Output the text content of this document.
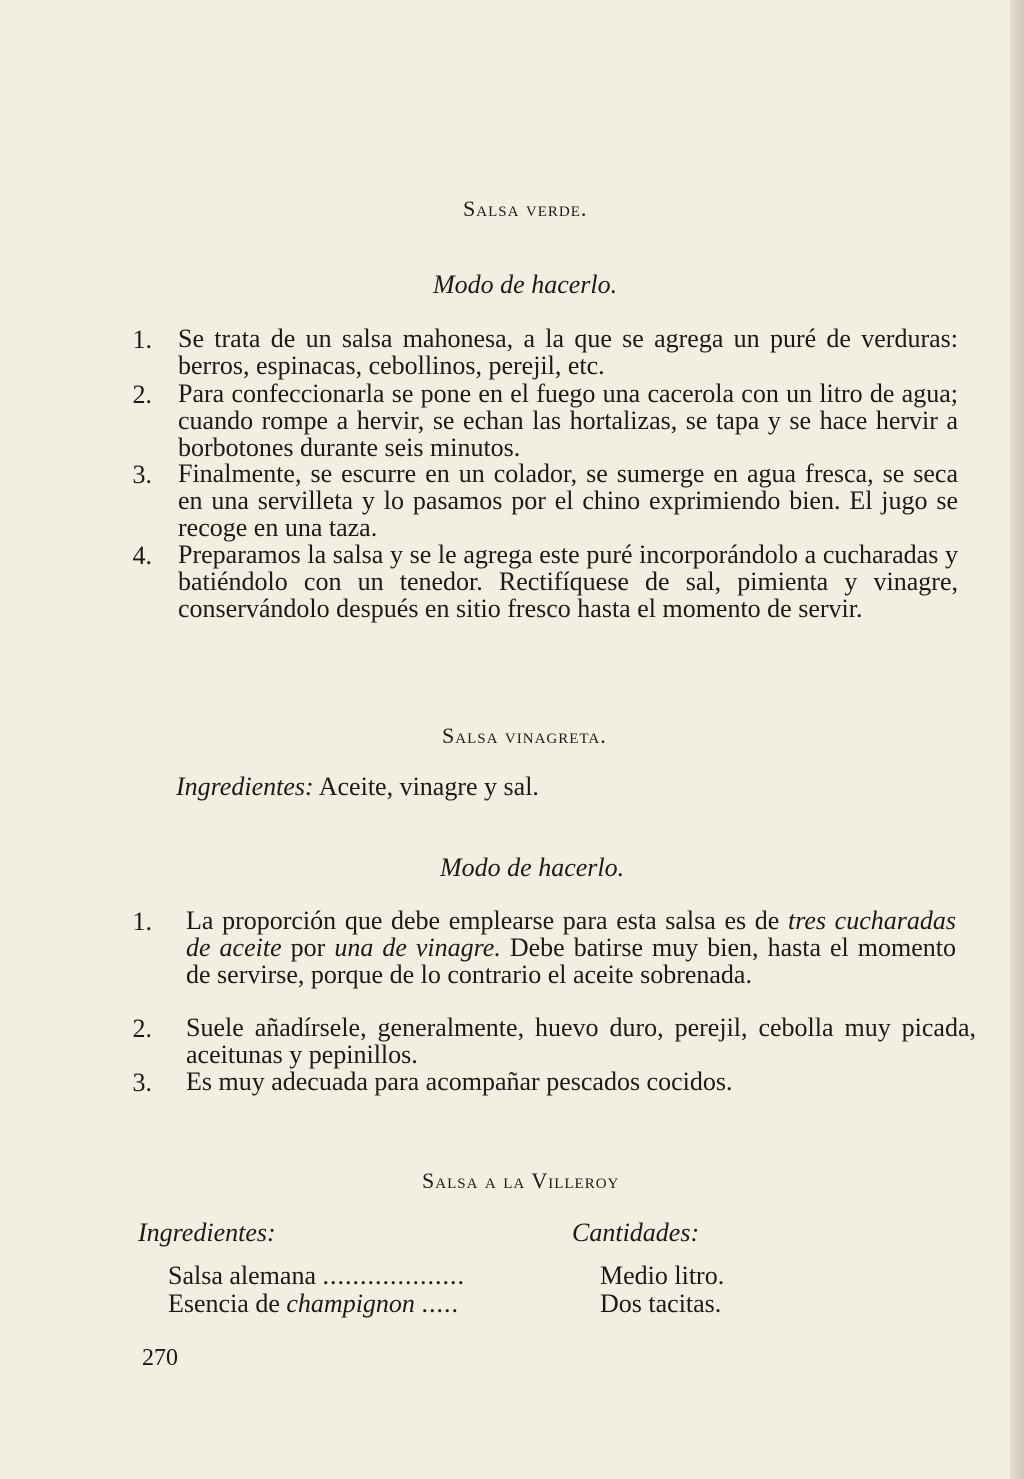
Salsa verde.
Modo de hacerlo.
1. Se trata de un salsa mahonesa, a la que se agrega un puré de verduras: berros, espinacas, cebollinos, perejil, etc.
2. Para confeccionarla se pone en el fuego una cacerola con un litro de agua; cuando rompe a hervir, se echan las hortalizas, se tapa y se hace hervir a borbotones durante seis minutos.
3. Finalmente, se escurre en un colador, se sumerge en agua fresca, se seca en una servilleta y lo pasamos por el chino exprimiendo bien. El jugo se recoge en una taza.
4. Preparamos la salsa y se le agrega este puré incorporándolo a cucharadas y batiéndolo con un tenedor. Rectifíquese de sal, pimienta y vinagre, conservándolo después en sitio fresco hasta el momento de servir.
Salsa vinagreta.
Ingredientes: Aceite, vinagre y sal.
Modo de hacerlo.
1. La proporción que debe emplearse para esta salsa es de tres cucharadas de aceite por una de vinagre. Debe batirse muy bien, hasta el momento de servirse, porque de lo contrario el aceite sobrenada.
2. Suele añadírsele, generalmente, huevo duro, perejil, cebolla muy picada, aceitunas y pepinillos.
3. Es muy adecuada para acompañar pescados cocidos.
Salsa a la Villeroy
Ingredientes:	Cantidades:
Salsa alemana ...................	Medio litro.
Esencia de champignon .....	Dos tacitas.
270
